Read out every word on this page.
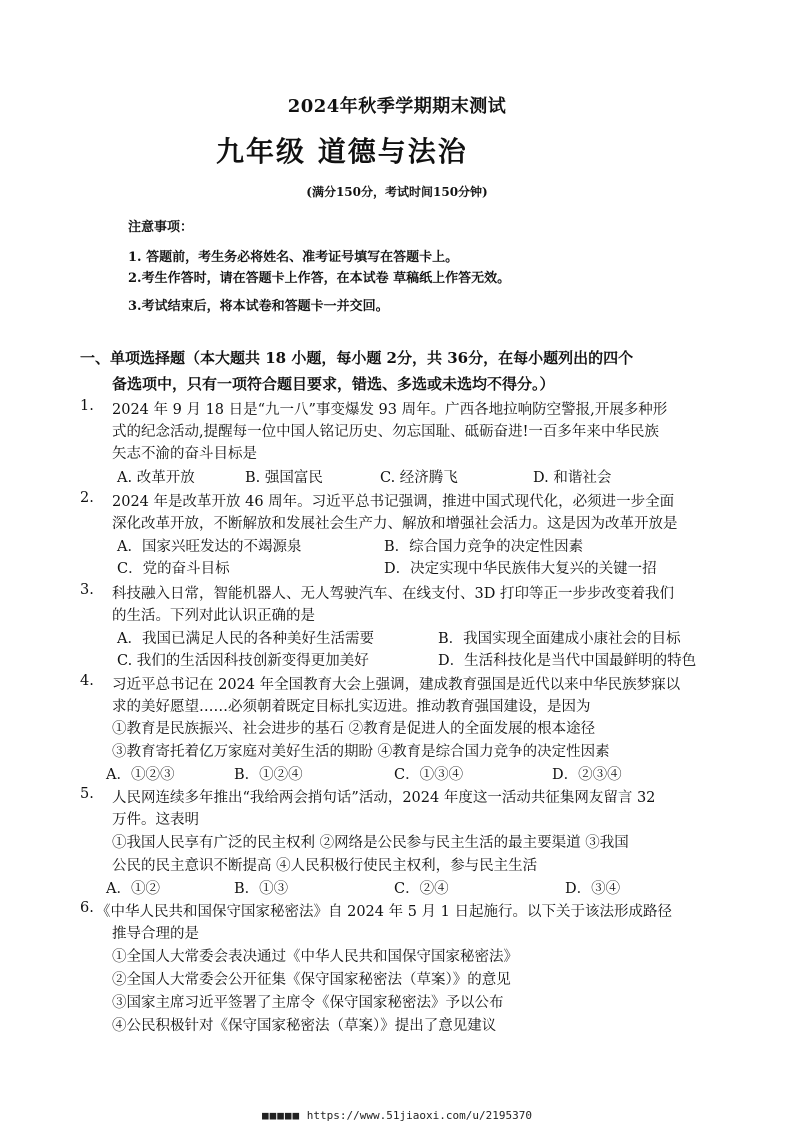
2024年秋季学期期末测试
九年级 道德与法治
(满分150分，考试时间150分钟)
注意事项：
1. 答题前，考生务必将姓名、准考证号填写在答题卡上。
2.考生作答时，请在答题卡上作答，在本试卷 草稿纸上作答无效。
3.考试结束后，将本试卷和答题卡一并交回。
一、单项选择题（本大题共 18 小题，每小题 2分，共 36分，在每小题列出的四个
备选项中，只有一项符合题目要求，错选、多选或未选均不得分。）
1. 2024 年 9 月 18 日是“九一八”事变爆发 93 周年。广西各地拉响防空警报,开展多种形
式的纪念活动,提醒每一位中国人铭记历史、勿忘国耻、砥砺奋进!一百多年来中华民族
矢志不渝的奋斗目标是
A. 改革开放	B. 强国富民	C. 经济腾飞	D. 和谐社会
2. 2024 年是改革开放 46 周年。习近平总书记强调，推进中国式现代化，必须进一步全面
深化改革开放，不断解放和发展社会生产力、解放和增强社会活力。这是因为改革开放是
A．国家兴旺发达的不竭源泉	B．综合国力竞争的决定性因素
C．党的奋斗目标	D．决定实现中华民族伟大复兴的关键一招
3. 科技融入日常，智能机器人、无人驾驶汽车、在线支付、3D 打印等正一步步改变着我们
的生活。下列对此认识正确的是
A．我国已满足人民的各种美好生活需要	B．我国实现全面建成小康社会的目标
C. 我们的生活因科技创新变得更加美好	D．生活科技化是当代中国最鲜明的特色
4. 习近平总书记在 2024 年全国教育大会上强调，建成教育强国是近代以来中华民族梦寐以
求的美好愿望……必须朝着既定目标扎实迈进。推动教育强国建设，是因为
①教育是民族振兴、社会进步的基石 ②教育是促进人的全面发展的根本途径
③教育寄托着亿万家庭对美好生活的期盼 ④教育是综合国力竞争的决定性因素
A．①②③	B．①②④	C．①③④	D．②③④
5. 人民网连续多年推出“我给两会捎句话”活动，2024 年度这一活动共征集网友留言 32
万件。这表明
①我国人民享有广泛的民主权利 ②网络是公民参与民主生活的最主要渠道 ③我国
公民的民主意识不断提高 ④人民积极行使民主权利，参与民主生活
A．①②	B．①③	C．②④	D．③④
6. 《中华人民共和国保守国家秘密法》自 2024 年 5 月 1 日起施行。以下关于该法形成路径
推导合理的是
①全国人大常委会表决通过《中华人民共和国保守国家秘密法》
②全国人大常委会公开征集《保守国家秘密法（草案）》的意见
③国家主席习近平签署了主席令《保守国家秘密法》予以公布
④公民积极针对《保守国家秘密法（草案）》提出了意见建议
■■■■■ https://www.51jiaoxi.com/u/2195370
